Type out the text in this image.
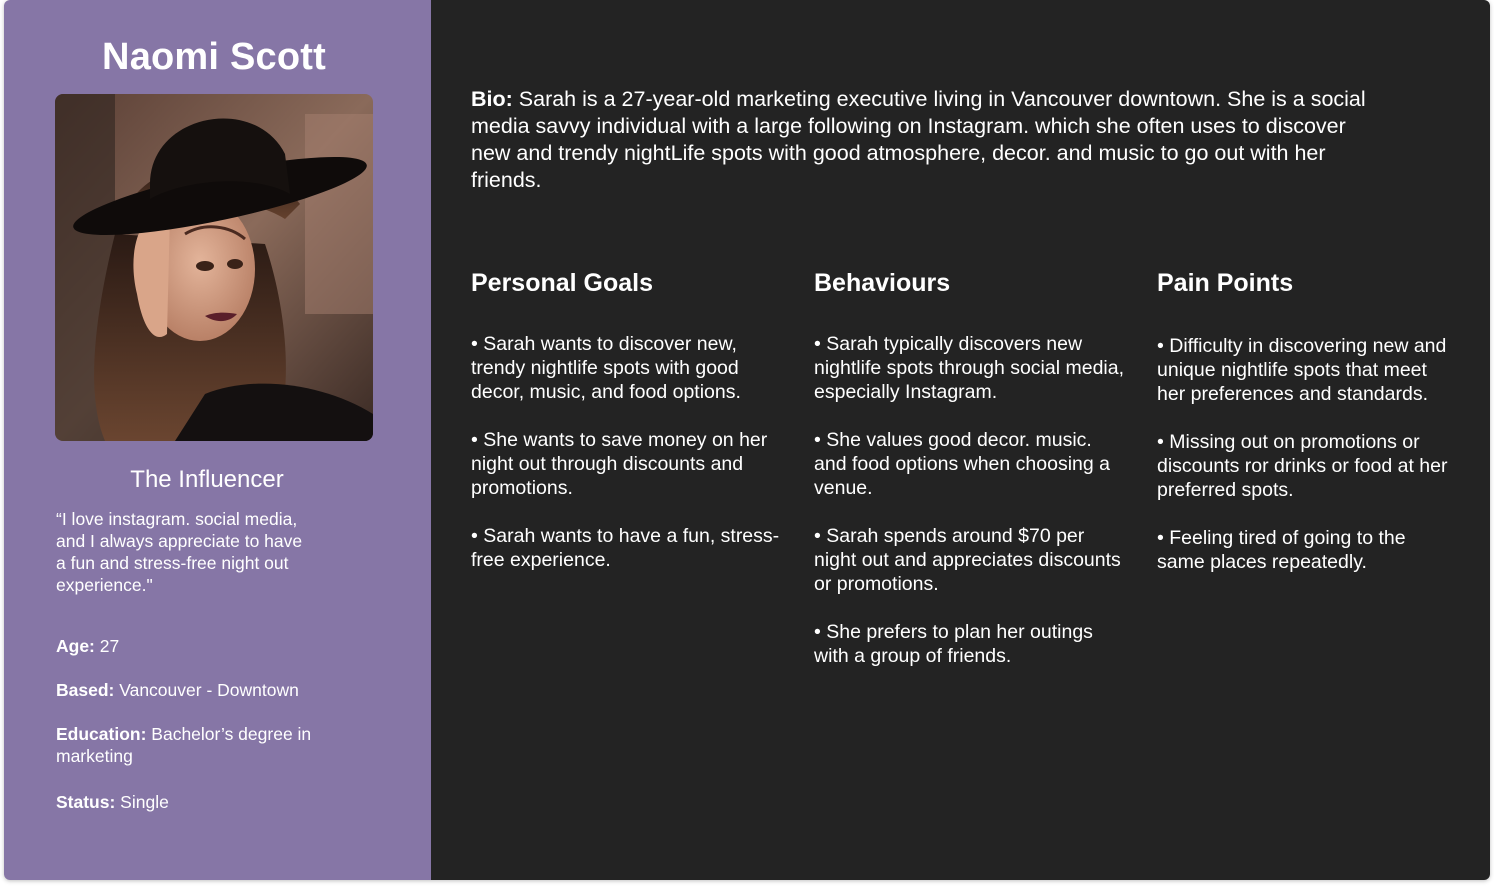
Naomi Scott
The Influencer
“I love instagram. social media, and I always appreciate to have a fun and stress-free night out experience."
Age: 27
Based: Vancouver - Downtown
Education: Bachelor’s degree in marketing
Status: Single
Bio: Sarah is a 27-year-old marketing executive living in Vancouver downtown. She is a social media savvy individual with a large following on Instagram. which she often uses to discover new and trendy nightLife spots with good atmosphere, decor. and music to go out with her friends.
Personal Goals
• Sarah wants to discover new, trendy nightlife spots with good decor, music, and food options.
• She wants to save money on her night out through discounts and promotions.
• Sarah wants to have a fun, stress-free experience.
Behaviours
• Sarah typically discovers new nightlife spots through social media, especially Instagram.
• She values good decor. music. and food options when choosing a venue.
• Sarah spends around $70 per night out and appreciates discounts or promotions.
• She prefers to plan her outings with a group of friends.
Pain Points
• Difficulty in discovering new and unique nightlife spots that meet her preferences and standards.
• Missing out on promotions or discounts ror drinks or food at her preferred spots.
• Feeling tired of going to the same places repeatedly.
